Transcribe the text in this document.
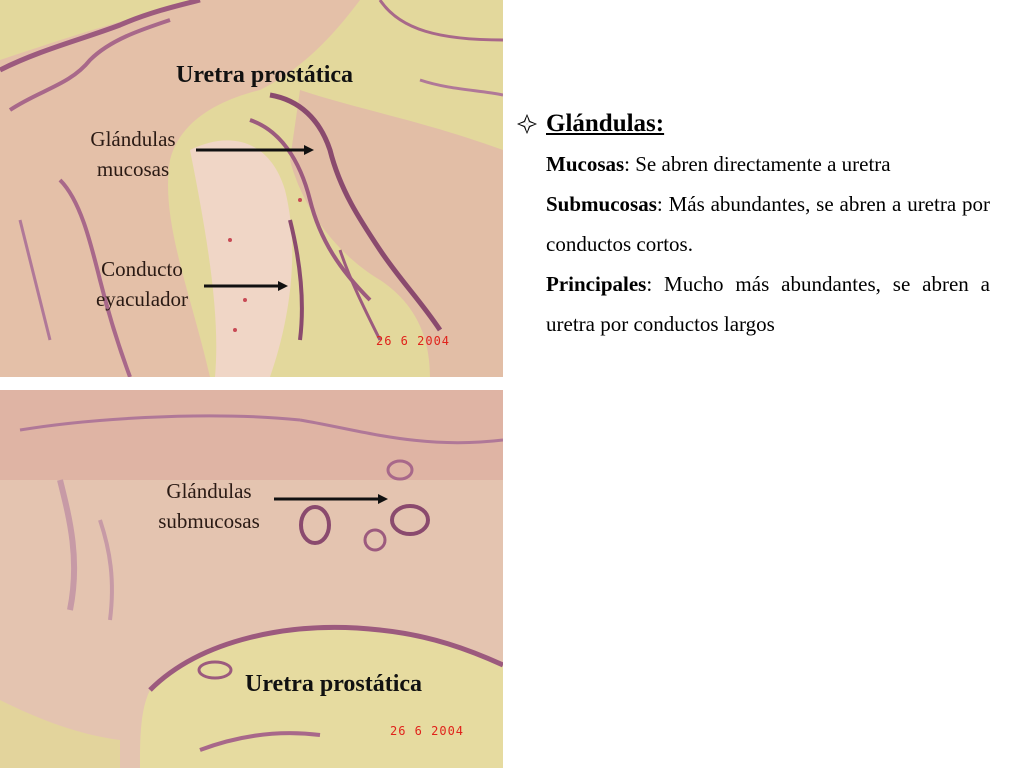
Uretra prostática
Glándulas mucosas
Conducto eyaculador
26 6 2004
Glándulas submucosas
Uretra prostática
26 6 2004
Glándulas:

Mucosas: Se abren directamente a uretra

Submucosas: Más abundantes, se abren a uretra por conductos cortos.

Principales: Mucho más abundantes, se abren a uretra por conductos largos
